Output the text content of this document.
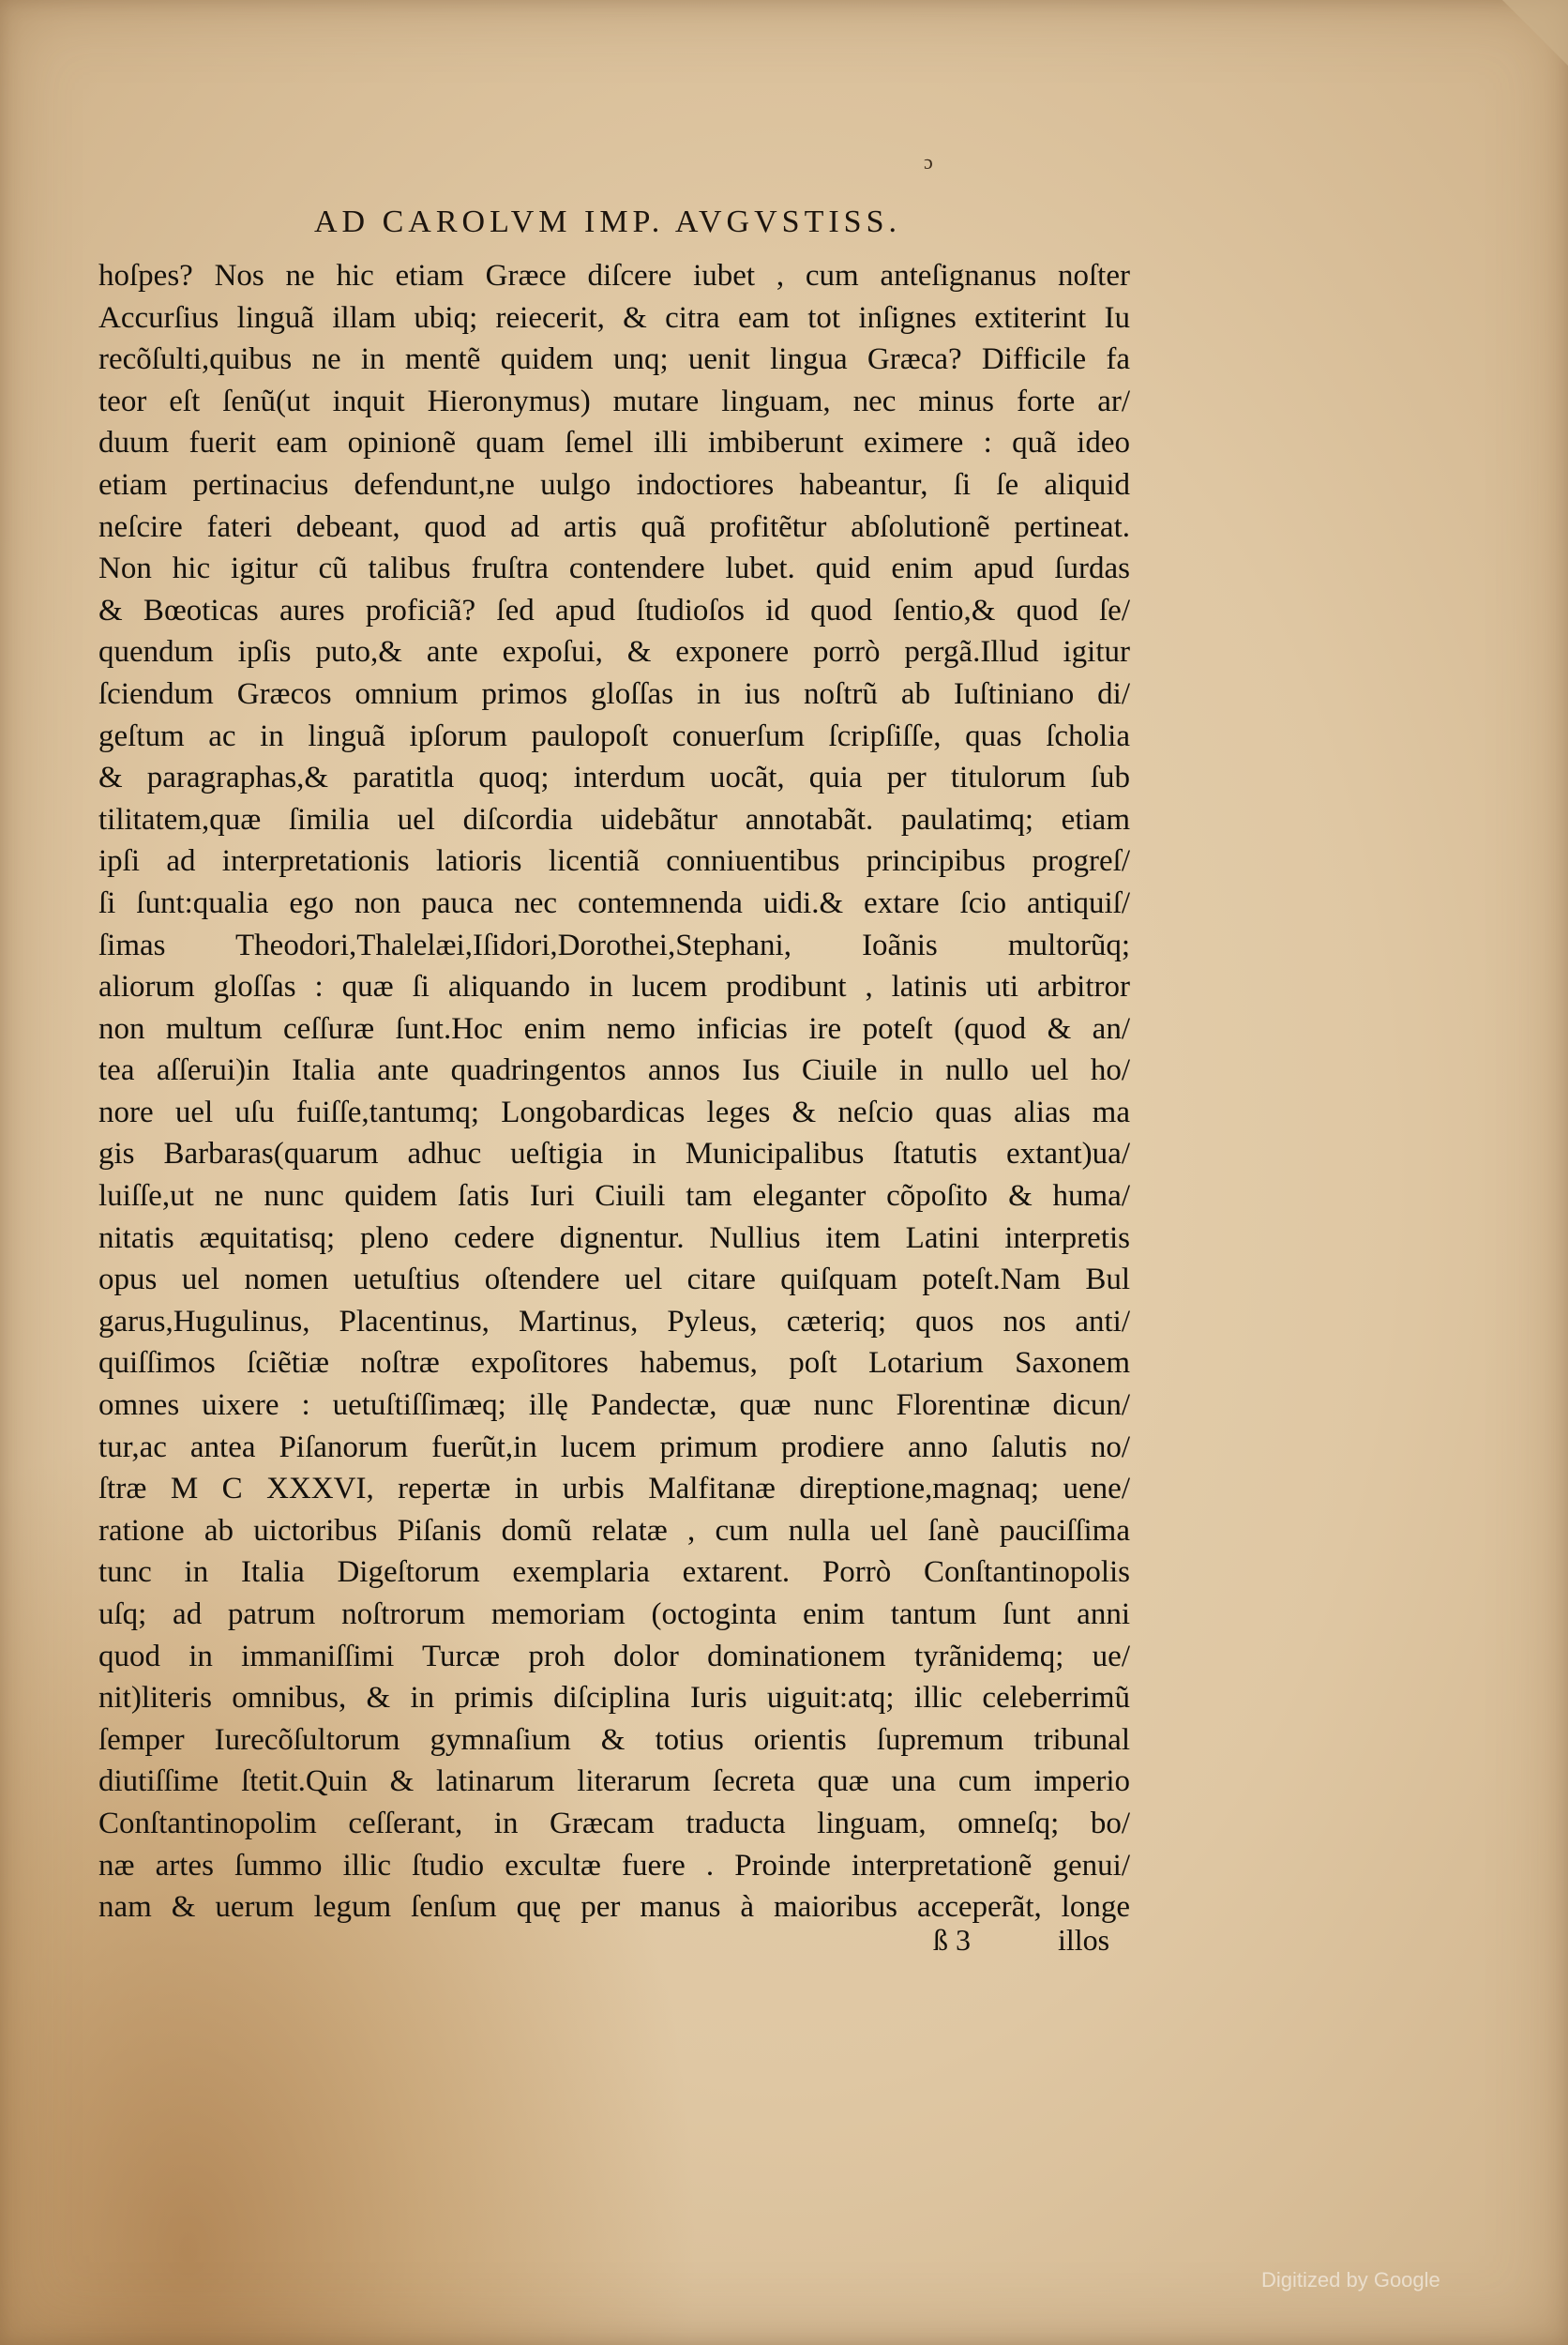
ɔ
AD CAROLVM IMP. AVGVSTISS.
hoſpes? Nos ne hic etiam Græce diſcere iubet , cum anteſignanus noſter
Accurſius linguã illam ubiq; reiecerit, & citra eam tot inſignes extiterint Iu
recõſulti,quibus ne in mentẽ quidem unq; uenit lingua Græca? Difficile fa
teor eſt ſenũ(ut inquit Hieronymus) mutare linguam, nec minus forte ar/
duum fuerit eam opinionẽ quam ſemel illi imbiberunt eximere : quã ideo
etiam pertinacius defendunt,ne uulgo indoctiores habeantur, ſi ſe aliquid
neſcire fateri debeant, quod ad artis quã profitẽtur abſolutionẽ pertineat.
Non hic igitur cũ talibus fruſtra contendere lubet. quid enim apud ſurdas
& Bœoticas aures proficiã? ſed apud ſtudioſos id quod ſentio,& quod ſe/
quendum ipſis puto,& ante expoſui, & exponere porrò pergã.Illud igitur
ſciendum Græcos omnium primos gloſſas in ius noſtrũ ab Iuſtiniano di/
geſtum ac in linguã ipſorum paulopoſt conuerſum ſcripſiſſe, quas ſcholia
& paragraphas,& paratitla quoq; interdum uocãt, quia per titulorum ſub
tilitatem,quæ ſimilia uel diſcordia uidebãtur annotabãt. paulatimq; etiam
ipſi ad interpretationis latioris licentiã conniuentibus principibus progreſ/
ſi ſunt:qualia ego non pauca nec contemnenda uidi.& extare ſcio antiquiſ/
ſimas Theodori,Thalelæi,Iſidori,Dorothei,Stephani, Ioãnis multorũq;
aliorum gloſſas : quæ ſi aliquando in lucem prodibunt , latinis uti arbitror
non multum ceſſuræ ſunt.Hoc enim nemo inficias ire poteſt (quod & an/
tea aſſerui)in Italia ante quadringentos annos Ius Ciuile in nullo uel ho/
nore uel uſu fuiſſe,tantumq; Longobardicas leges & neſcio quas alias ma
gis Barbaras(quarum adhuc ueſtigia in Municipalibus ſtatutis extant)ua/
luiſſe,ut ne nunc quidem ſatis Iuri Ciuili tam eleganter cõpoſito & huma/
nitatis æquitatisq; pleno cedere dignentur. Nullius item Latini interpretis
opus uel nomen uetuſtius oſtendere uel citare quiſquam poteſt.Nam Bul
garus,Hugulinus, Placentinus, Martinus, Pyleus, cæteriq; quos nos anti/
quiſſimos ſciẽtiæ noſtræ expoſitores habemus, poſt Lotarium Saxonem
omnes uixere : uetuſtiſſimæq; illę Pandectæ, quæ nunc Florentinæ dicun/
tur,ac antea Piſanorum fuerũt,in lucem primum prodiere anno ſalutis no/
ſtræ M C XXXVI, repertæ in urbis Malfitanæ direptione,magnaq; uene/
ratione ab uictoribus Piſanis domũ relatæ , cum nulla uel ſanè pauciſſima
tunc in Italia Digeſtorum exemplaria extarent. Porrò Conſtantinopolis
uſq; ad patrum noſtrorum memoriam (octoginta enim tantum ſunt anni
quod in immaniſſimi Turcæ proh dolor dominationem tyrãnidemq; ue/
nit)literis omnibus, & in primis diſciplina Iuris uiguit:atq; illic celeberrimũ
ſemper Iurecõſultorum gymnaſium & totius orientis ſupremum tribunal
diutiſſime ſtetit.Quin & latinarum literarum ſecreta quæ una cum imperio
Conſtantinopolim ceſſerant, in Græcam traducta linguam, omneſq; bo/
næ artes ſummo illic ſtudio excultæ fuere . Proinde interpretationẽ genui/
nam & uerum legum ſenſum quę per manus à maioribus acceperãt, longe
ß 3	illos
Digitized by Google
